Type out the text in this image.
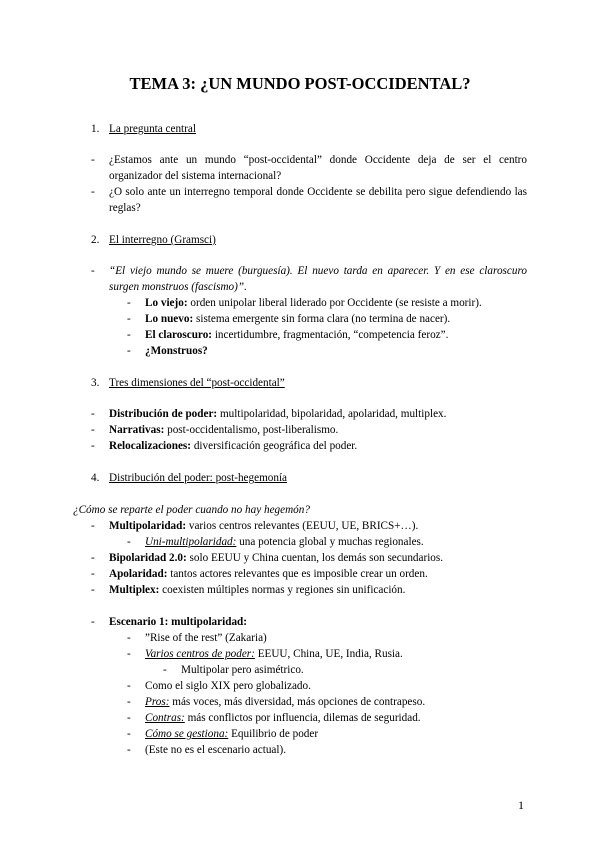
TEMA 3: ¿UN MUNDO POST-OCCIDENTAL?
1. La pregunta central
- ¿Estamos ante un mundo “post-occidental” donde Occidente deja de ser el centro organizador del sistema internacional?
- ¿O solo ante un interregno temporal donde Occidente se debilita pero sigue defendiendo las reglas?
2. El interregno (Gramsci)
- “El viejo mundo se muere (burguesía). El nuevo tarda en aparecer. Y en ese claroscuro surgen monstruos (fascismo)”.
- Lo viejo: orden unipolar liberal liderado por Occidente (se resiste a morir).
- Lo nuevo: sistema emergente sin forma clara (no termina de nacer).
- El claroscuro: incertidumbre, fragmentación, “competencia feroz”.
- ¿Monstruos?
3. Tres dimensiones del “post-occidental”
- Distribución de poder: multipolaridad, bipolaridad, apolaridad, multiplex.
- Narrativas: post-occidentalismo, post-liberalismo.
- Relocalizaciones: diversificación geográfica del poder.
4. Distribución del poder: post-hegemonía
¿Cómo se reparte el poder cuando no hay hegemón?
- Multipolaridad: varios centros relevantes (EEUU, UE, BRICS+…).
- Uni-multipolaridad: una potencia global y muchas regionales.
- Bipolaridad 2.0: solo EEUU y China cuentan, los demás son secundarios.
- Apolaridad: tantos actores relevantes que es imposible crear un orden.
- Multiplex: coexisten múltiples normas y regiones sin unificación.
- Escenario 1: multipolaridad:
- ”Rise of the rest” (Zakaria)
- Varios centros de poder: EEUU, China, UE, India, Rusia.
- Multipolar pero asimétrico.
- Como el siglo XIX pero globalizado.
- Pros: más voces, más diversidad, más opciones de contrapeso.
- Contras: más conflictos por influencia, dilemas de seguridad.
- Cómo se gestiona: Equilibrio de poder
- (Este no es el escenario actual).
1
